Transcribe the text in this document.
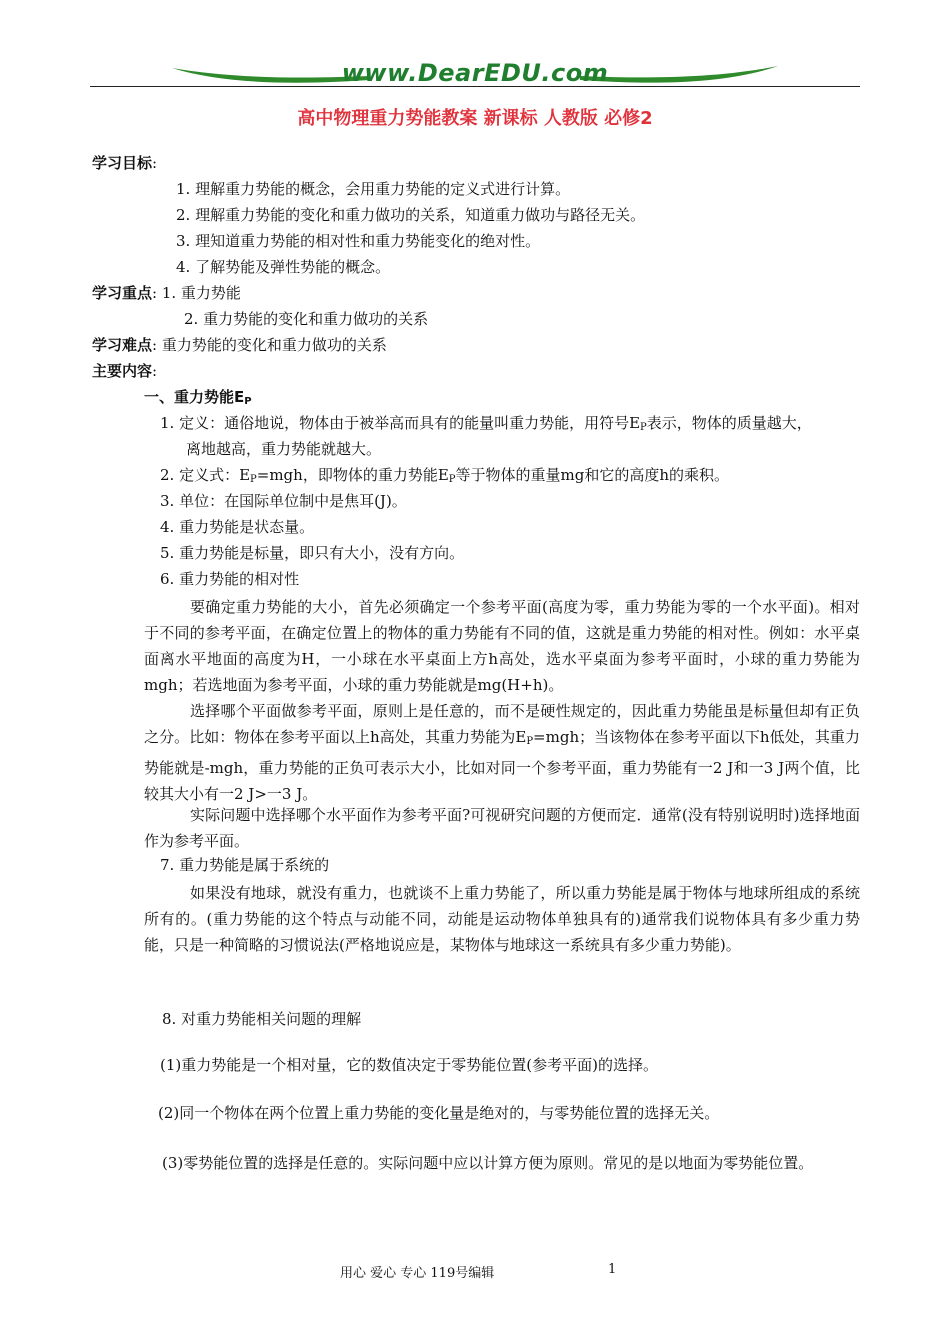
www.DearEDU.com
高中物理重力势能教案 新课标 人教版 必修2
学习目标:
1. 理解重力势能的概念，会用重力势能的定义式进行计算。
2. 理解重力势能的变化和重力做功的关系，知道重力做功与路径无关。
3. 理知道重力势能的相对性和重力势能变化的绝对性。
4. 了解势能及弹性势能的概念。
学习重点: 1. 重力势能
2. 重力势能的变化和重力做功的关系
学习难点: 重力势能的变化和重力做功的关系
主要内容:
一、重力势能$E_P$
1. 定义：通俗地说，物体由于被举高而具有的能量叫重力势能，用符号$E_P$表示，物体的质量越大，
离地越高，重力势能就越大。
2. 定义式：$E_P=mgh$，即物体的重力势能$E_P$等于物体的重量mg和它的高度h的乘积。
3. 单位：在国际单位制中是焦耳(J)。
4. 重力势能是状态量。
5. 重力势能是标量，即只有大小，没有方向。
6. 重力势能的相对性
要确定重力势能的大小，首先必须确定一个参考平面(高度为零，重力势能为零的一个水平面)。相对于不同的参考平面，在确定位置上的物体的重力势能有不同的值，这就是重力势能的相对性。例如：水平桌面离水平地面的高度为H，一小球在水平桌面上方h高处，选水平桌面为参考平面时，小球的重力势能为mgh；若选地面为参考平面，小球的重力势能就是mg(H+h)。
选择哪个平面做参考平面，原则上是任意的，而不是硬性规定的，因此重力势能虽是标量但却有正负之分。比如：物体在参考平面以上h高处，其重力势能为$E_P=mgh$；当该物体在参考平面以下h低处，其重力势能就是-mgh，重力势能的正负可表示大小，比如对同一个参考平面，重力势能有一2 J和一3 J两个值，比较其大小有一2 J>一3 J。
实际问题中选择哪个水平面作为参考平面?可视研究问题的方便而定．通常(没有特别说明时)选择地面作为参考平面。
7. 重力势能是属于系统的
如果没有地球，就没有重力，也就谈不上重力势能了，所以重力势能是属于物体与地球所组成的系统所有的。(重力势能的这个特点与动能不同，动能是运动物体单独具有的)通常我们说物体具有多少重力势能，只是一种简略的习惯说法(严格地说应是，某物体与地球这一系统具有多少重力势能)。
8. 对重力势能相关问题的理解
(1)重力势能是一个相对量，它的数值决定于零势能位置(参考平面)的选择。
(2)同一个物体在两个位置上重力势能的变化量是绝对的，与零势能位置的选择无关。
(3)零势能位置的选择是任意的。实际问题中应以计算方便为原则。常见的是以地面为零势能位置。
用心 爱心 专心 119号编辑	1
